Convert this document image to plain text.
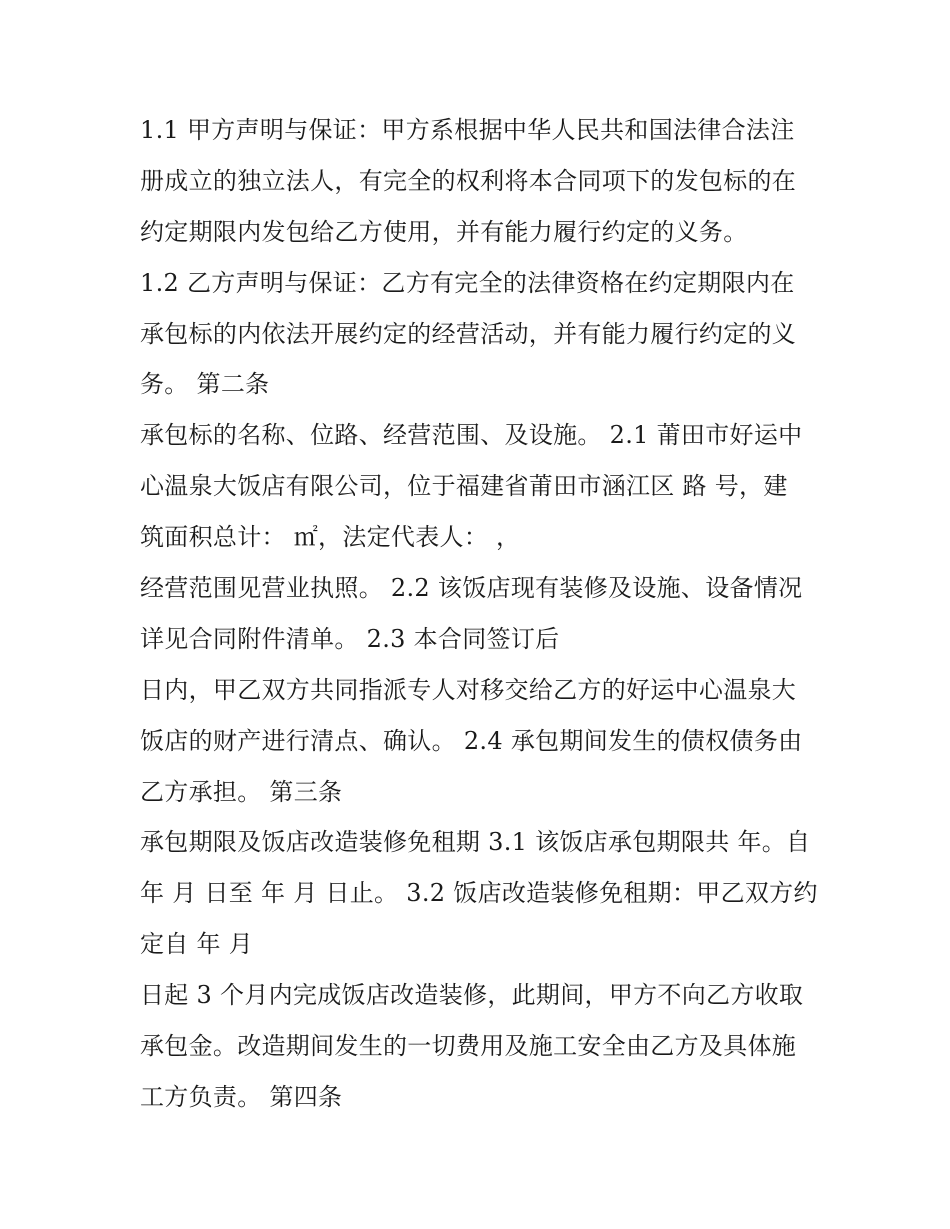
1.1 甲方声明与保证：甲方系根据中华人民共和国法律合法注
册成立的独立法人，有完全的权利将本合同项下的发包标的在
约定期限内发包给乙方使用，并有能力履行约定的义务。
1.2 乙方声明与保证：乙方有完全的法律资格在约定期限内在
承包标的内依法开展约定的经营活动，并有能力履行约定的义
务。 第二条
承包标的名称、位路、经营范围、及设施。 2.1 莆田市好运中
心温泉大饭店有限公司，位于福建省莆田市涵江区 路 号，建
筑面积总计： ㎡，法定代表人： ，
经营范围见营业执照。 2.2 该饭店现有装修及设施、设备情况
详见合同附件清单。 2.3 本合同签订后
日内，甲乙双方共同指派专人对移交给乙方的好运中心温泉大
饭店的财产进行清点、确认。 2.4 承包期间发生的债权债务由
乙方承担。 第三条
承包期限及饭店改造装修免租期 3.1 该饭店承包期限共 年。自
年 月 日至 年 月 日止。 3.2 饭店改造装修免租期：甲乙双方约
定自 年 月
日起 3 个月内完成饭店改造装修，此期间，甲方不向乙方收取
承包金。改造期间发生的一切费用及施工安全由乙方及具体施
工方负责。 第四条
